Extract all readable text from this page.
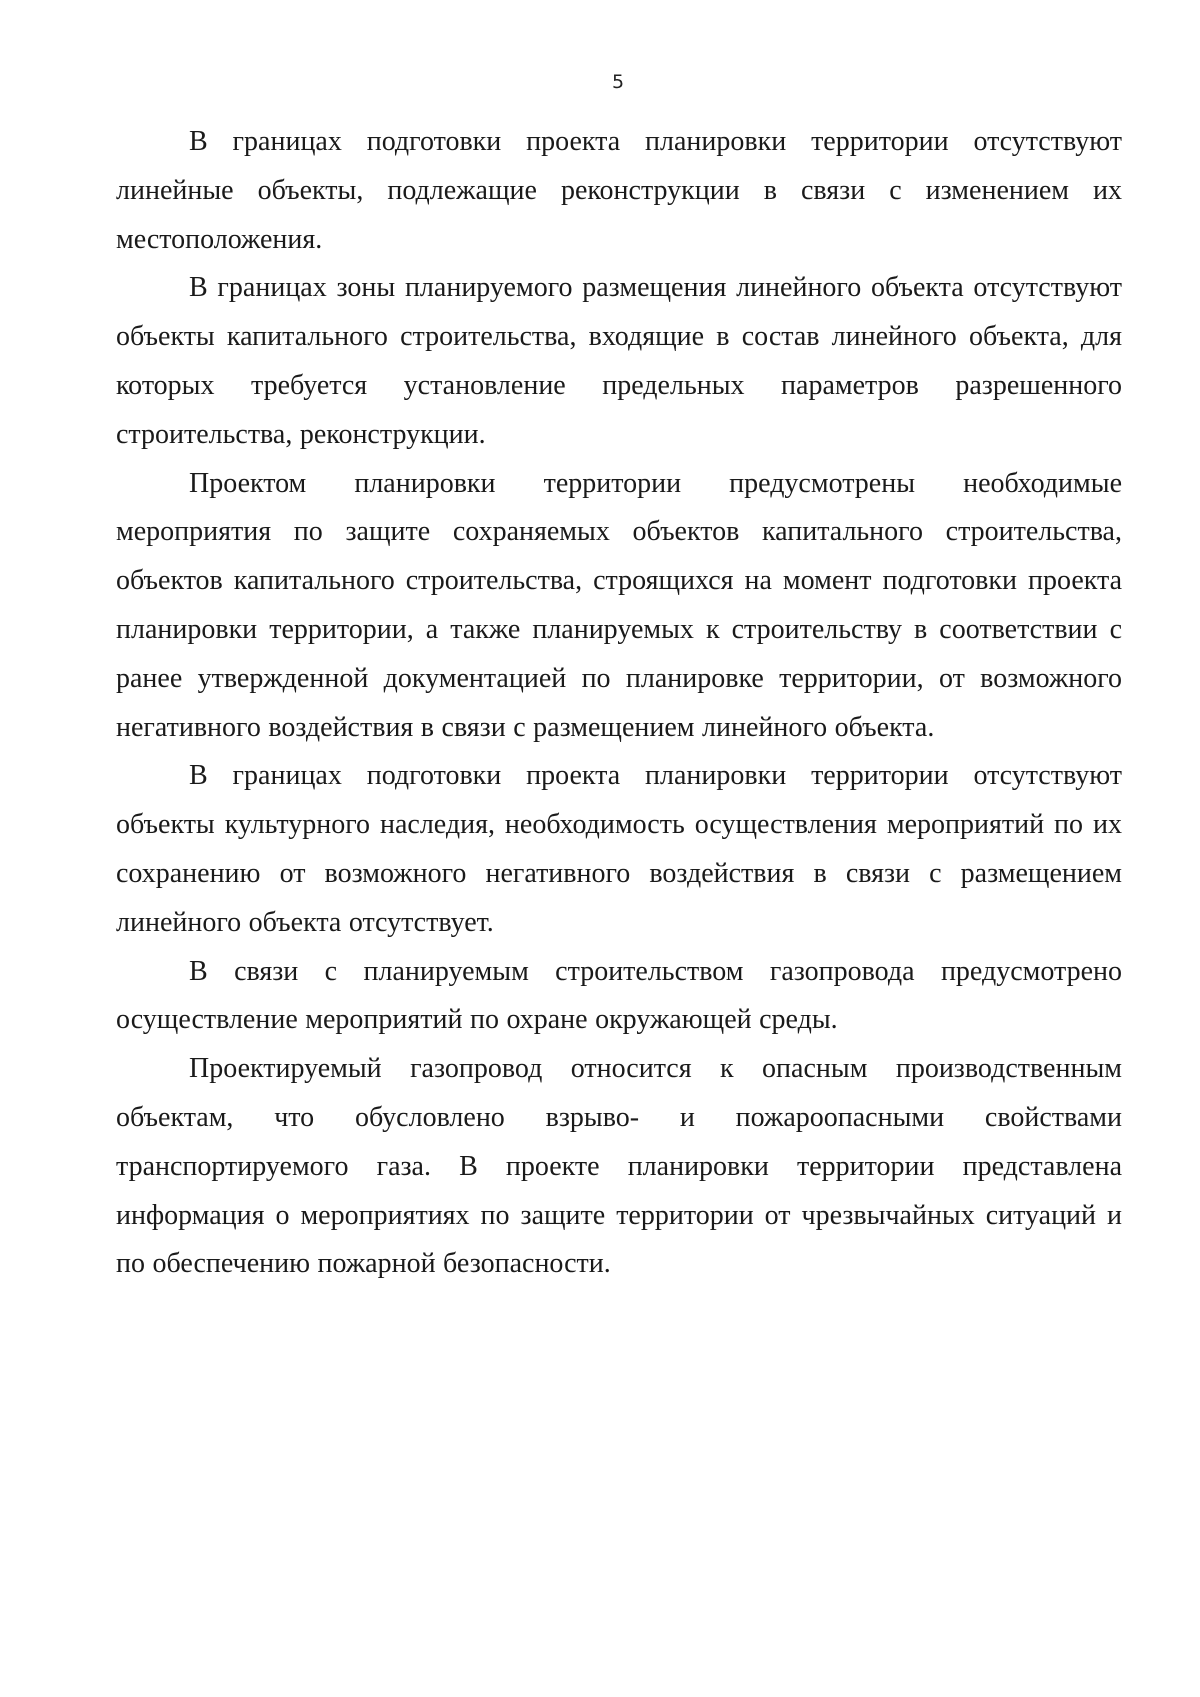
5

В границах подготовки проекта планировки территории отсутствуют линейные объекты, подлежащие реконструкции в связи с изменением их местоположения.

В границах зоны планируемого размещения линейного объекта отсутствуют объекты капитального строительства, входящие в состав линейного объекта, для которых требуется установление предельных параметров разрешенного строительства, реконструкции.

Проектом планировки территории предусмотрены необходимые мероприятия по защите сохраняемых объектов капитального строительства, объектов капитального строительства, строящихся на момент подготовки проекта планировки территории, а также планируемых к строительству в соответствии с ранее утвержденной документацией по планировке территории, от возможного негативного воздействия в связи с размещением линейного объекта.

В границах подготовки проекта планировки территории отсутствуют объекты культурного наследия, необходимость осуществления мероприятий по их сохранению от возможного негативного воздействия в связи с размещением линейного объекта отсутствует.

В связи с планируемым строительством газопровода предусмотрено осуществление мероприятий по охране окружающей среды.

Проектируемый газопровод относится к опасным производственным объектам, что обусловлено взрыво- и пожароопасными свойствами транспортируемого газа. В проекте планировки территории представлена информация о мероприятиях по защите территории от чрезвычайных ситуаций и по обеспечению пожарной безопасности.
